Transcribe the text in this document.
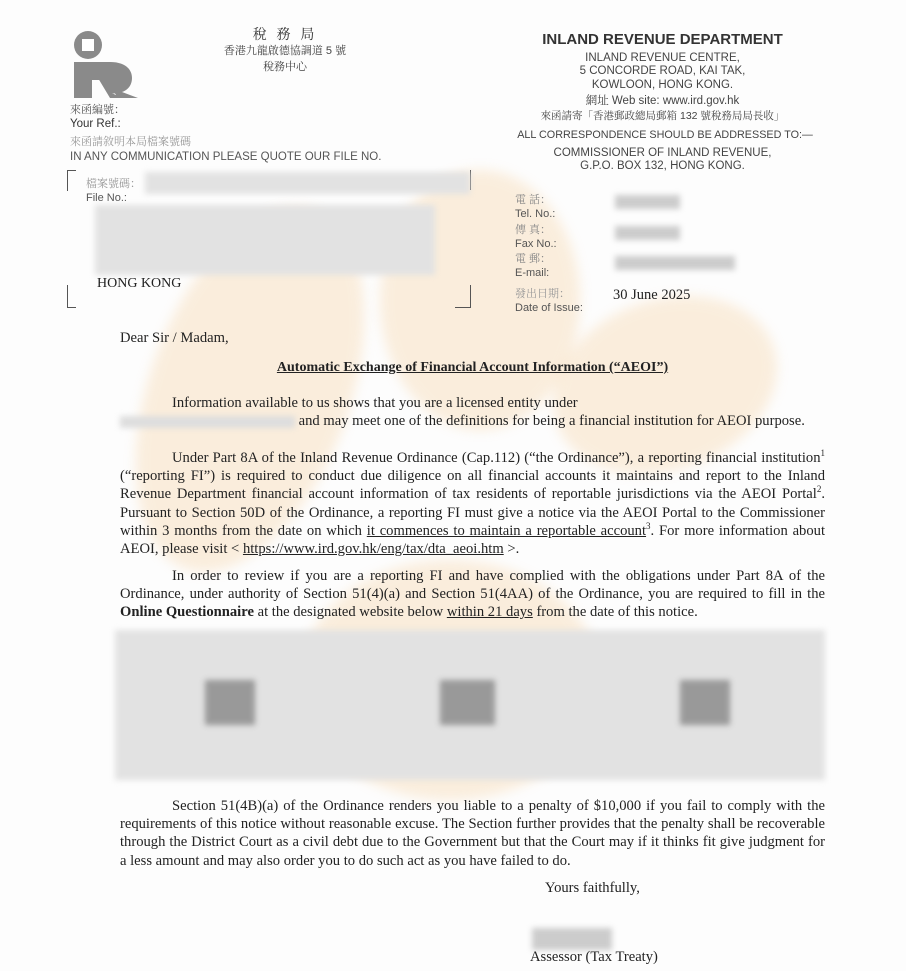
稅 務 局
香港九龍啟德協調道 5 號
稅務中心
來函編號：
Your Ref.:
來函請敘明本局檔案號碼
IN ANY COMMUNICATION PLEASE QUOTE OUR FILE NO.
檔案號碼：
File No.:
HONG KONG
INLAND REVENUE DEPARTMENT
INLAND REVENUE CENTRE,
5 CONCORDE ROAD, KAI TAK,
KOWLOON, HONG KONG.
網址 Web site: www.ird.gov.hk
來函請寄「香港郵政總局郵箱 132 號稅務局局長收」
ALL CORRESPONDENCE SHOULD BE ADDRESSED TO:—
COMMISSIONER OF INLAND REVENUE,
G.P.O. BOX 132, HONG KONG.
電 話：
Tel. No.:
傳 真：
Fax No.:
電 郵：
E-mail:
發出日期：
Date of Issue:
30 June 2025
Dear Sir / Madam,
Automatic Exchange of Financial Account Information (“AEOI”)
Information available to us shows that you are a licensed entity under
and may meet one of the definitions for being a financial institution for AEOI purpose.
Under Part 8A of the Inland Revenue Ordinance (Cap.112) (“the Ordinance”), a reporting financial institution$^1$ (“reporting FI”) is required to conduct due diligence on all financial accounts it maintains and report to the Inland Revenue Department financial account information of tax residents of reportable jurisdictions via the AEOI Portal$^2$. Pursuant to Section 50D of the Ordinance, a reporting FI must give a notice via the AEOI Portal to the Commissioner within 3 months from the date on which it commences to maintain a reportable account$^3$. For more information about AEOI, please visit < https://www.ird.gov.hk/eng/tax/dta_aeoi.htm >.
In order to review if you are a reporting FI and have complied with the obligations under Part 8A of the Ordinance, under authority of Section 51(4)(a) and Section 51(4AA) of the Ordinance, you are required to fill in the Online Questionnaire at the designated website below within 21 days from the date of this notice.
Section 51(4B)(a) of the Ordinance renders you liable to a penalty of $10,000 if you fail to comply with the requirements of this notice without reasonable excuse. The Section further provides that the penalty shall be recoverable through the District Court as a civil debt due to the Government but that the Court may if it thinks fit give judgment for a less amount and may also order you to do such act as you have failed to do.
Yours faithfully,
Assessor (Tax Treaty)
